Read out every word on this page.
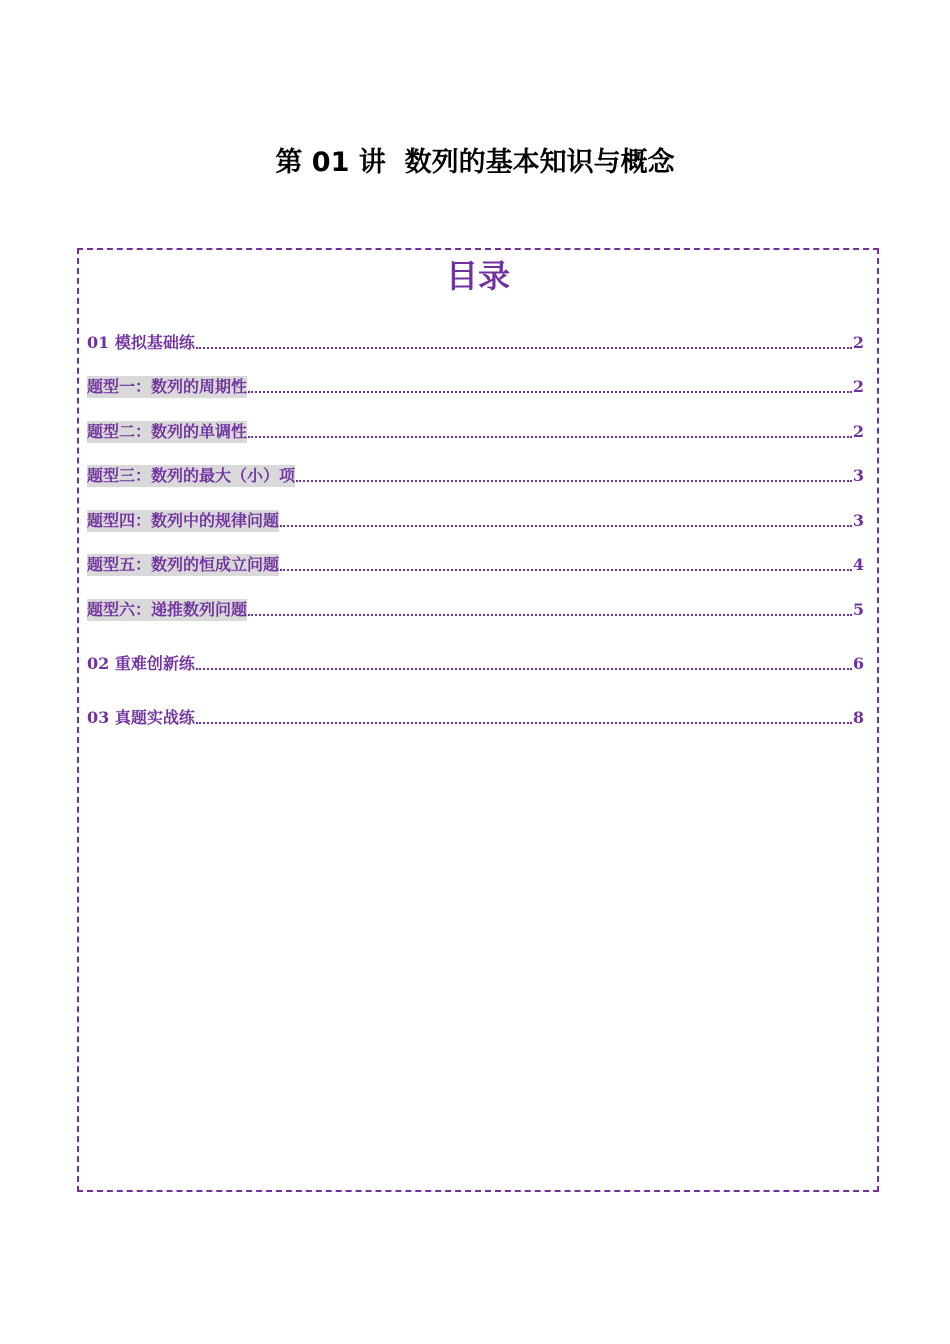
第 01 讲  数列的基本知识与概念
目录
01 模拟基础练	2
题型一：数列的周期性	2
题型二：数列的单调性	2
题型三：数列的最大（小）项	3
题型四：数列中的规律问题	3
题型五：数列的恒成立问题	4
题型六：递推数列问题	5
02 重难创新练	6
03 真题实战练	8
